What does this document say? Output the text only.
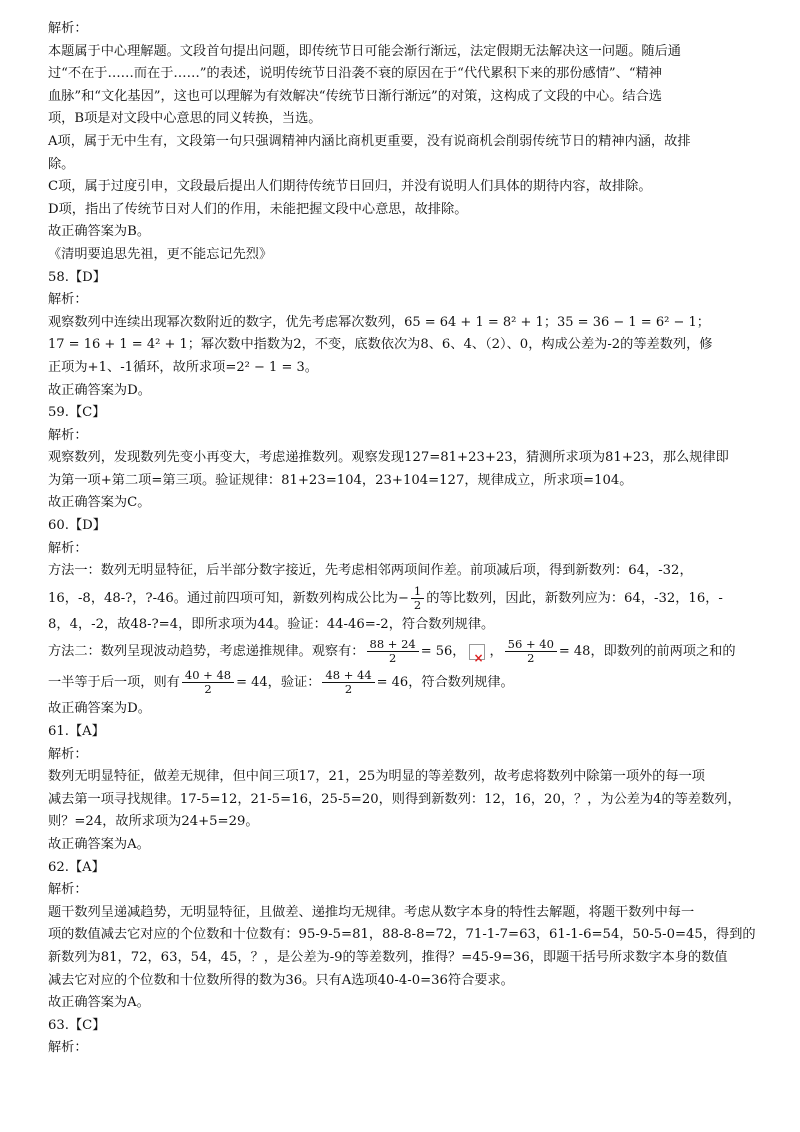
解析：
本题属于中心理解题。文段首句提出问题，即传统节日可能会渐行渐远，法定假期无法解决这一问题。随后通
过“不在于……而在于……”的表述，说明传统节日沿袭不衰的原因在于“代代累积下来的那份感情”、“精神
血脉”和“文化基因”，这也可以理解为有效解决“传统节日渐行渐远”的对策，这构成了文段的中心。结合选
项，B项是对文段中心意思的同义转换，当选。
A项，属于无中生有，文段第一句只强调精神内涵比商机更重要，没有说商机会削弱传统节日的精神内涵，故排
除。
C项，属于过度引申，文段最后提出人们期待传统节日回归，并没有说明人们具体的期待内容，故排除。
D项，指出了传统节日对人们的作用，未能把握文段中心意思，故排除。
故正确答案为B。
《清明要追思先祖，更不能忘记先烈》
58.【D】
解析：
观察数列中连续出现幂次数附近的数字，优先考虑幂次数列，65 = 64 + 1 = 8² + 1；35 = 36 − 1 = 6² − 1；
17 = 16 + 1 = 4² + 1；幂次数中指数为2，不变，底数依次为8、6、4、（2）、0，构成公差为-2的等差数列，修
正项为+1、-1循环，故所求项=2² − 1 = 3。
故正确答案为D。
59.【C】
解析：
观察数列，发现数列先变小再变大，考虑递推数列。观察发现127=81+23+23，猜测所求项为81+23，那么规律即
为第一项+第二项=第三项。验证规律：81+23=104，23+104=127，规律成立，所求项=104。
故正确答案为C。
60.【D】
解析：
方法一：数列无明显特征，后半部分数字接近，先考虑相邻两项间作差。前项减后项，得到新数列：64，-32，
16，-8，48-?，?-46。通过前四项可知，新数列构成公比为− $\frac{1}{2}$ 的等比数列，因此，新数列应为：64，-32，16，-
8，4，-2，故48-?=4，即所求项为44。验证：44-46=-2，符合数列规律。
方法二：数列呈现波动趋势，考虑递推规律。观察有： $\frac{88 + 24}{2} = 56$，× ， $\frac{56 + 40}{2} = 48$，即数列的前两项之和的
一半等于后一项，则有 $\frac{40 + 48}{2} = 44$，验证： $\frac{48 + 44}{2} = 46$，符合数列规律。
故正确答案为D。
61.【A】
解析：
数列无明显特征，做差无规律，但中间三项17，21，25为明显的等差数列，故考虑将数列中除第一项外的每一项
减去第一项寻找规律。17-5=12，21-5=16，25-5=20，则得到新数列：12，16，20，？，为公差为4的等差数列，
则？=24，故所求项为24+5=29。
故正确答案为A。
62.【A】
解析：
题干数列呈递减趋势，无明显特征，且做差、递推均无规律。考虑从数字本身的特性去解题，将题干数列中每一
项的数值减去它对应的个位数和十位数有：95-9-5=81，88-8-8=72，71-1-7=63，61-1-6=54，50-5-0=45，得到的
新数列为81，72，63，54，45，？，是公差为-9的等差数列，推得？=45-9=36，即题干括号所求数字本身的数值
减去它对应的个位数和十位数所得的数为36。只有A选项40-4-0=36符合要求。
故正确答案为A。
63.【C】
解析：
